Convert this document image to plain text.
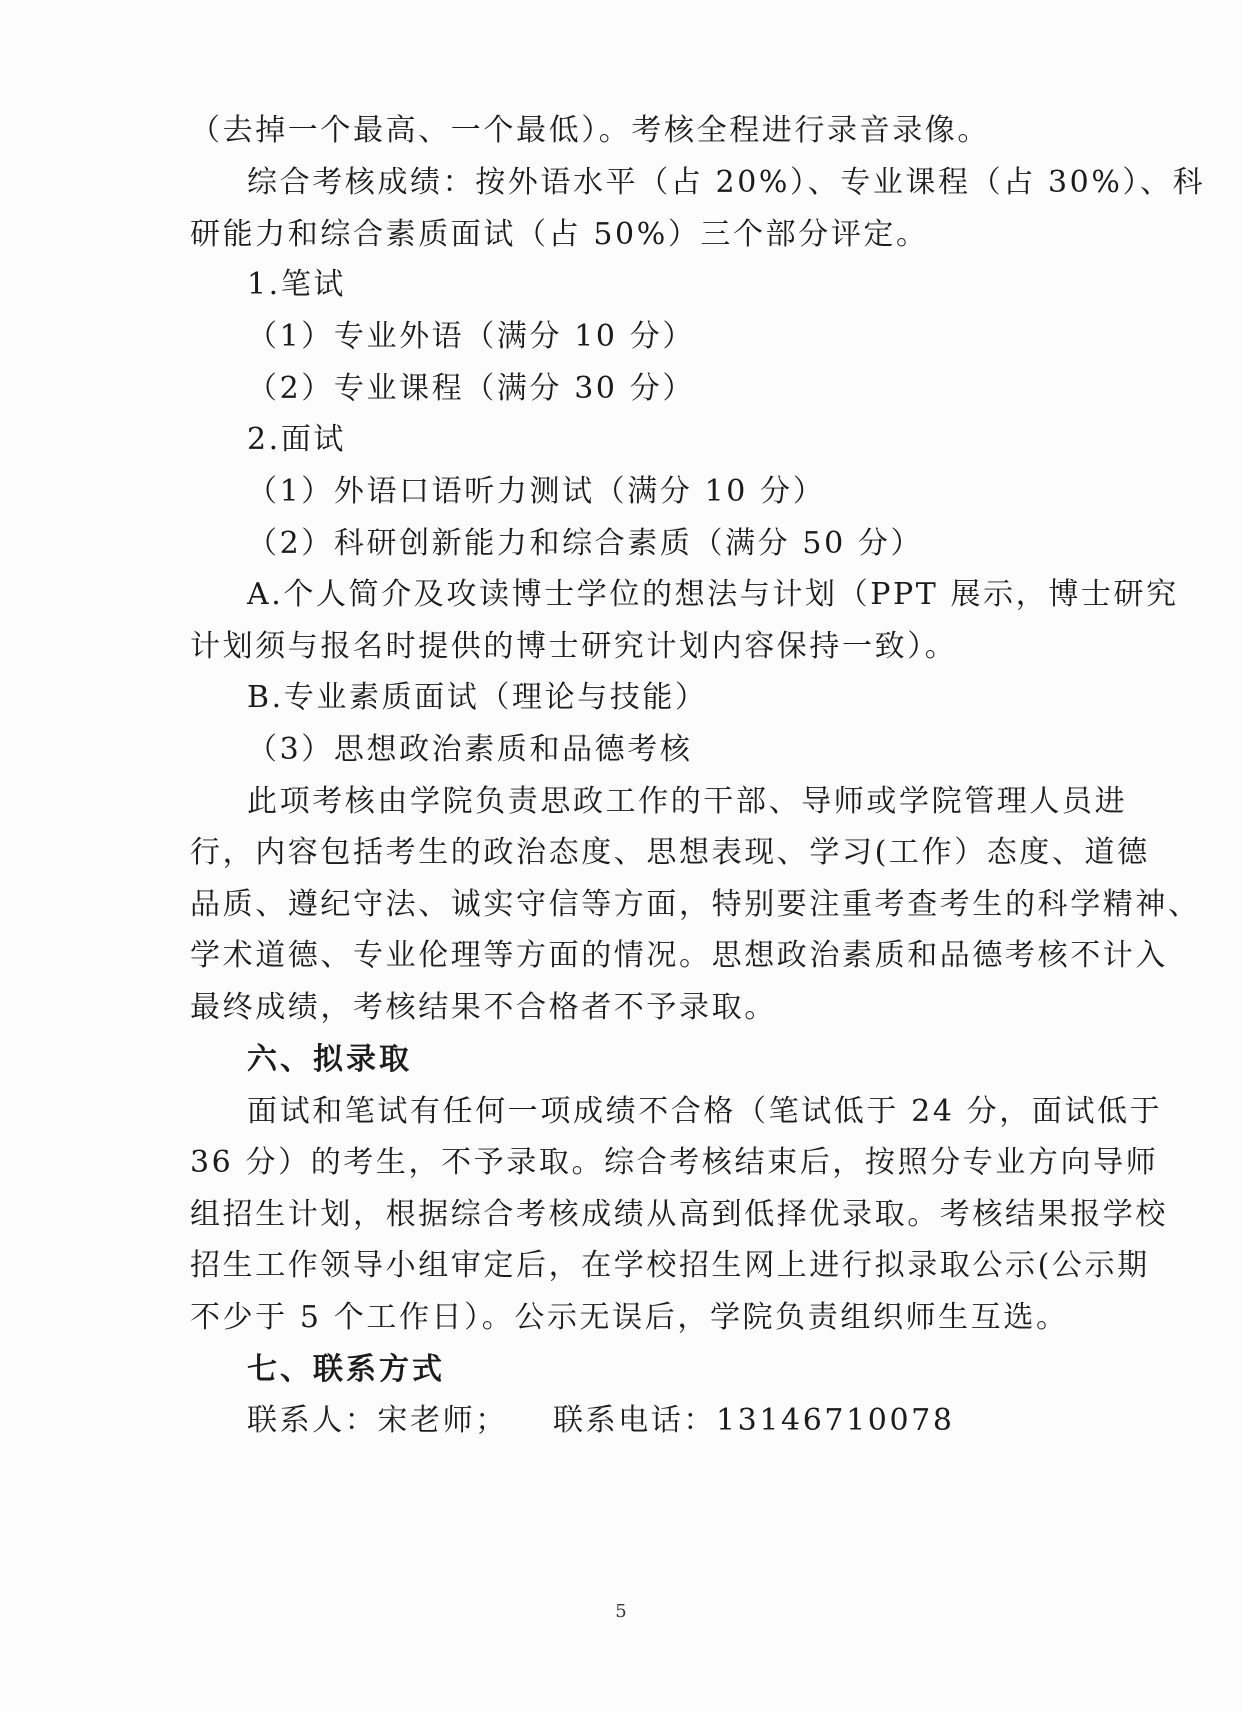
（去掉一个最高、一个最低）。考核全程进行录音录像。
综合考核成绩：按外语水平（占 20%）、专业课程（占 30%）、科
研能力和综合素质面试（占 50%）三个部分评定。
1.笔试
（1）专业外语（满分 10 分）
（2）专业课程（满分 30 分）
2.面试
（1）外语口语听力测试（满分 10 分）
（2）科研创新能力和综合素质（满分 50 分）
A.个人简介及攻读博士学位的想法与计划（PPT 展示，博士研究
计划须与报名时提供的博士研究计划内容保持一致）。
B.专业素质面试（理论与技能）
（3）思想政治素质和品德考核
此项考核由学院负责思政工作的干部、导师或学院管理人员进
行，内容包括考生的政治态度、思想表现、学习(工作）态度、道德
品质、遵纪守法、诚实守信等方面，特别要注重考查考生的科学精神、
学术道德、专业伦理等方面的情况。思想政治素质和品德考核不计入
最终成绩，考核结果不合格者不予录取。
六、拟录取
面试和笔试有任何一项成绩不合格（笔试低于 24 分，面试低于
36 分）的考生，不予录取。综合考核结束后，按照分专业方向导师
组招生计划，根据综合考核成绩从高到低择优录取。考核结果报学校
招生工作领导小组审定后，在学校招生网上进行拟录取公示(公示期
不少于 5 个工作日）。公示无误后，学院负责组织师生互选。
七、联系方式
联系人：宋老师； 联系电话：13146710078
5
